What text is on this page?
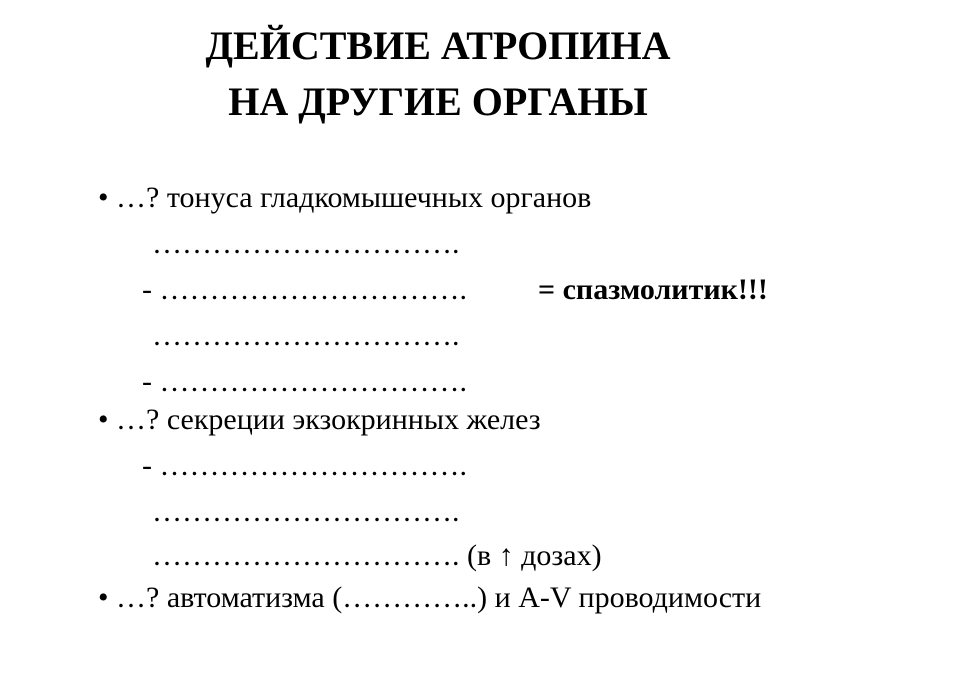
ДЕЙСТВИЕ АТРОПИНА
НА ДРУГИЕ ОРГАНЫ
• …? тонуса гладкомышечных органов
………………………….
- …………………………. = спазмолитик!!!
………………………….
- ………………………….
• …? секреции экзокринных желез
- ………………………….
………………………….
…………………………. (в ↑ дозах)
• …? автоматизма (…………..) и A-V проводимости
